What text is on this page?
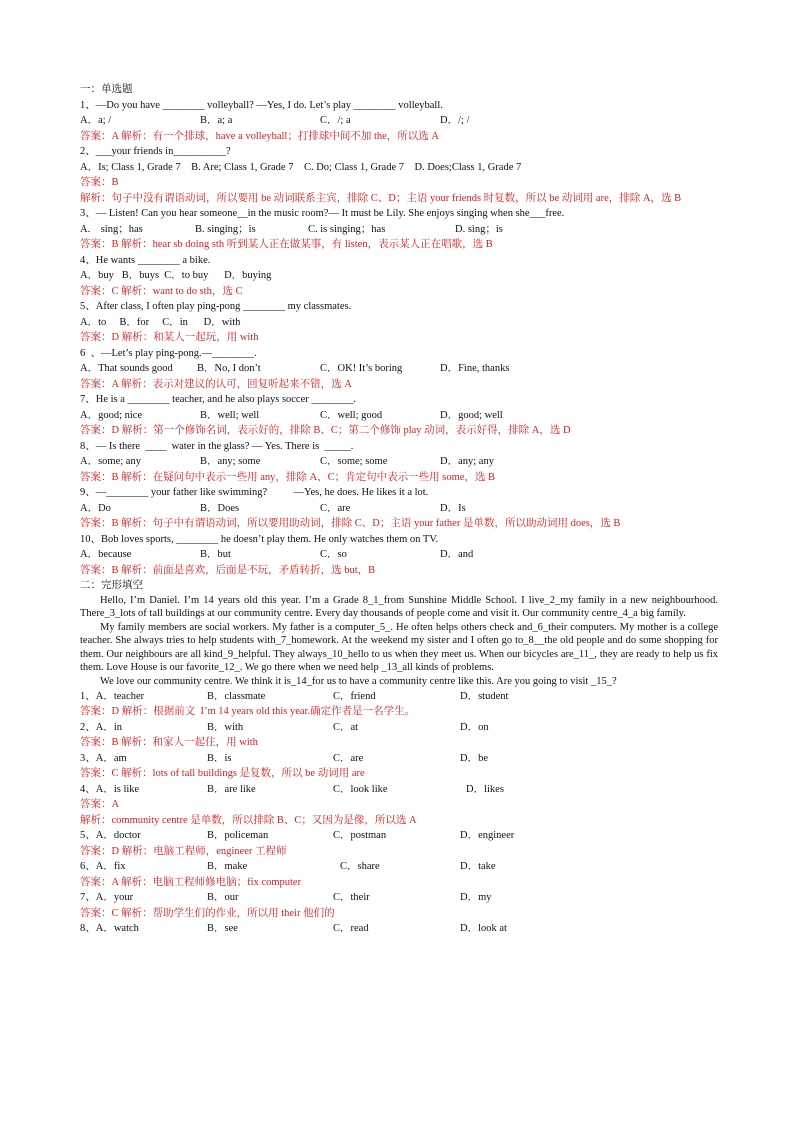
一：单选题
1、—Do you have ________ volleyball? —Yes, I do. Let’s play ________ volleyball.
A．a; /	B．a; a	C．/; a	D．/; /
答案：A 解析：有一个排球，have a volleyball；打排球中间不加 the，所以选 A
2、___your friends in__________?
A．Is; Class 1, Grade 7    B. Are; Class 1, Grade 7    C. Do; Class 1, Grade 7    D. Does;Class 1, Grade 7
答案：B
解析：句子中没有谓语动词，所以要用 be 动词联系主宾，排除 C、D；主语 your friends 时复数，所以 be 动词用 are，排除 A，选 B
3、— Listen! Can you hear someone__in the music room?— It must be Lily. She enjoys singing when she___free.
A.    sing；has	B. singing；is	C. is singing；has	D. sing；is
答案：B 解析：hear sb doing sth 听到某人正在做某事，有 listen，表示某人正在唱歌，选 B
4、He wants ________ a bike.
A．buy   B．buys  C．to buy      D．buying
答案：C 解析：want to do sth，选 C
5、After class, I often play ping-pong ________ my classmates.
A．to     B．for     C．in      D．with
答案：D 解析：和某人一起玩，用 with
6  、—Let’s play ping-pong.—________.
A．That sounds good B．No, I don’t	C．OK! It’s boring	D．Fine, thanks
答案：A 解析：表示对建议的认可，回复听起来不错，选 A
7、He is a ________ teacher, and he also plays soccer ________.
A．good; nice	B．well; well	C．well; good	D．good; well
答案：D 解析：第一个修饰名词，表示好的，排除 B、C；第二个修饰 play 动词，表示好得，排除 A，选 D
8、— Is there  ____  water in the glass? — Yes. There is  _____.
A．some; any	B．any; some	C．some; some	D．any; any
答案：B 解析：在疑问句中表示一些用 any，排除 A、C；肯定句中表示一些用 some，选 B
9、—________ your father like swimming?          —Yes, he does. He likes it a lot.
A．Do	B．Does	C．are	D．Is
答案：B 解析：句子中有谓语动词，所以要用助动词，排除 C、D；主语 your father 是单数，所以助动词用 does，选 B
10、Bob loves sports, ________ he doesn’t play them. He only watches them on TV.
A．because	B．but	C．so	D．and
答案：B 解析：前面是喜欢，后面是不玩，矛盾转折，选 but，B
二：完形填空

Hello, I’m Daniel. I’m 14 years old this year. I’m a Grade 8_1_from Sunshine Middle School. I live_2_my family in a new neighbourhood. There_3_lots of tall buildings at our community centre. Every day thousands of people come and visit it. Our community centre_4_a big family.

My family members are social workers. My father is a computer_5_. He often helps others check and_6_their computers. My mother is a college teacher. She always tries to help students with_7_homework. At the weekend my sister and I often go to_8__the old people and do some shopping for them. Our neighbours are all kind_9_helpful. They always_10_hello to us when they meet us. When our bicycles are_11_, they are ready to help us fix them. Love House is our favorite_12_. We go there when we need help _13_all kinds of problems.

We love our community centre. We think it is_14_for us to have a community centre like this. Are you going to visit _15_?

1、A．teacher	B．classmate	C．friend	D．student
答案：D 解析：根据前文  I’m 14 years old this year.确定作者是一名学生。
2、A．in	B．with	C．at	D．on
答案：B 解析：和家人一起住，用 with
3、A．am	B．is	C．are	D．be
答案：C 解析：lots of tall buildings 是复数，所以 be 动词用 are
4、A．is like	B．are like	C．look like	D．likes
答案：A
解析：community centre 是单数，所以排除 B、C；又因为是像，所以选 A
5、A．doctor	B．policeman	C．postman	D．engineer
答案：D 解析：电脑工程师，engineer 工程师
6、A．fix	B．make	C．share	D．take
答案：A 解析：电脑工程师修电脑；fix computer
7、A．your	B．our	C．their	D．my
答案：C 解析：帮助学生们的作业，所以用 their 他们的
8、A．watch	B．see	C．read	D．look at
